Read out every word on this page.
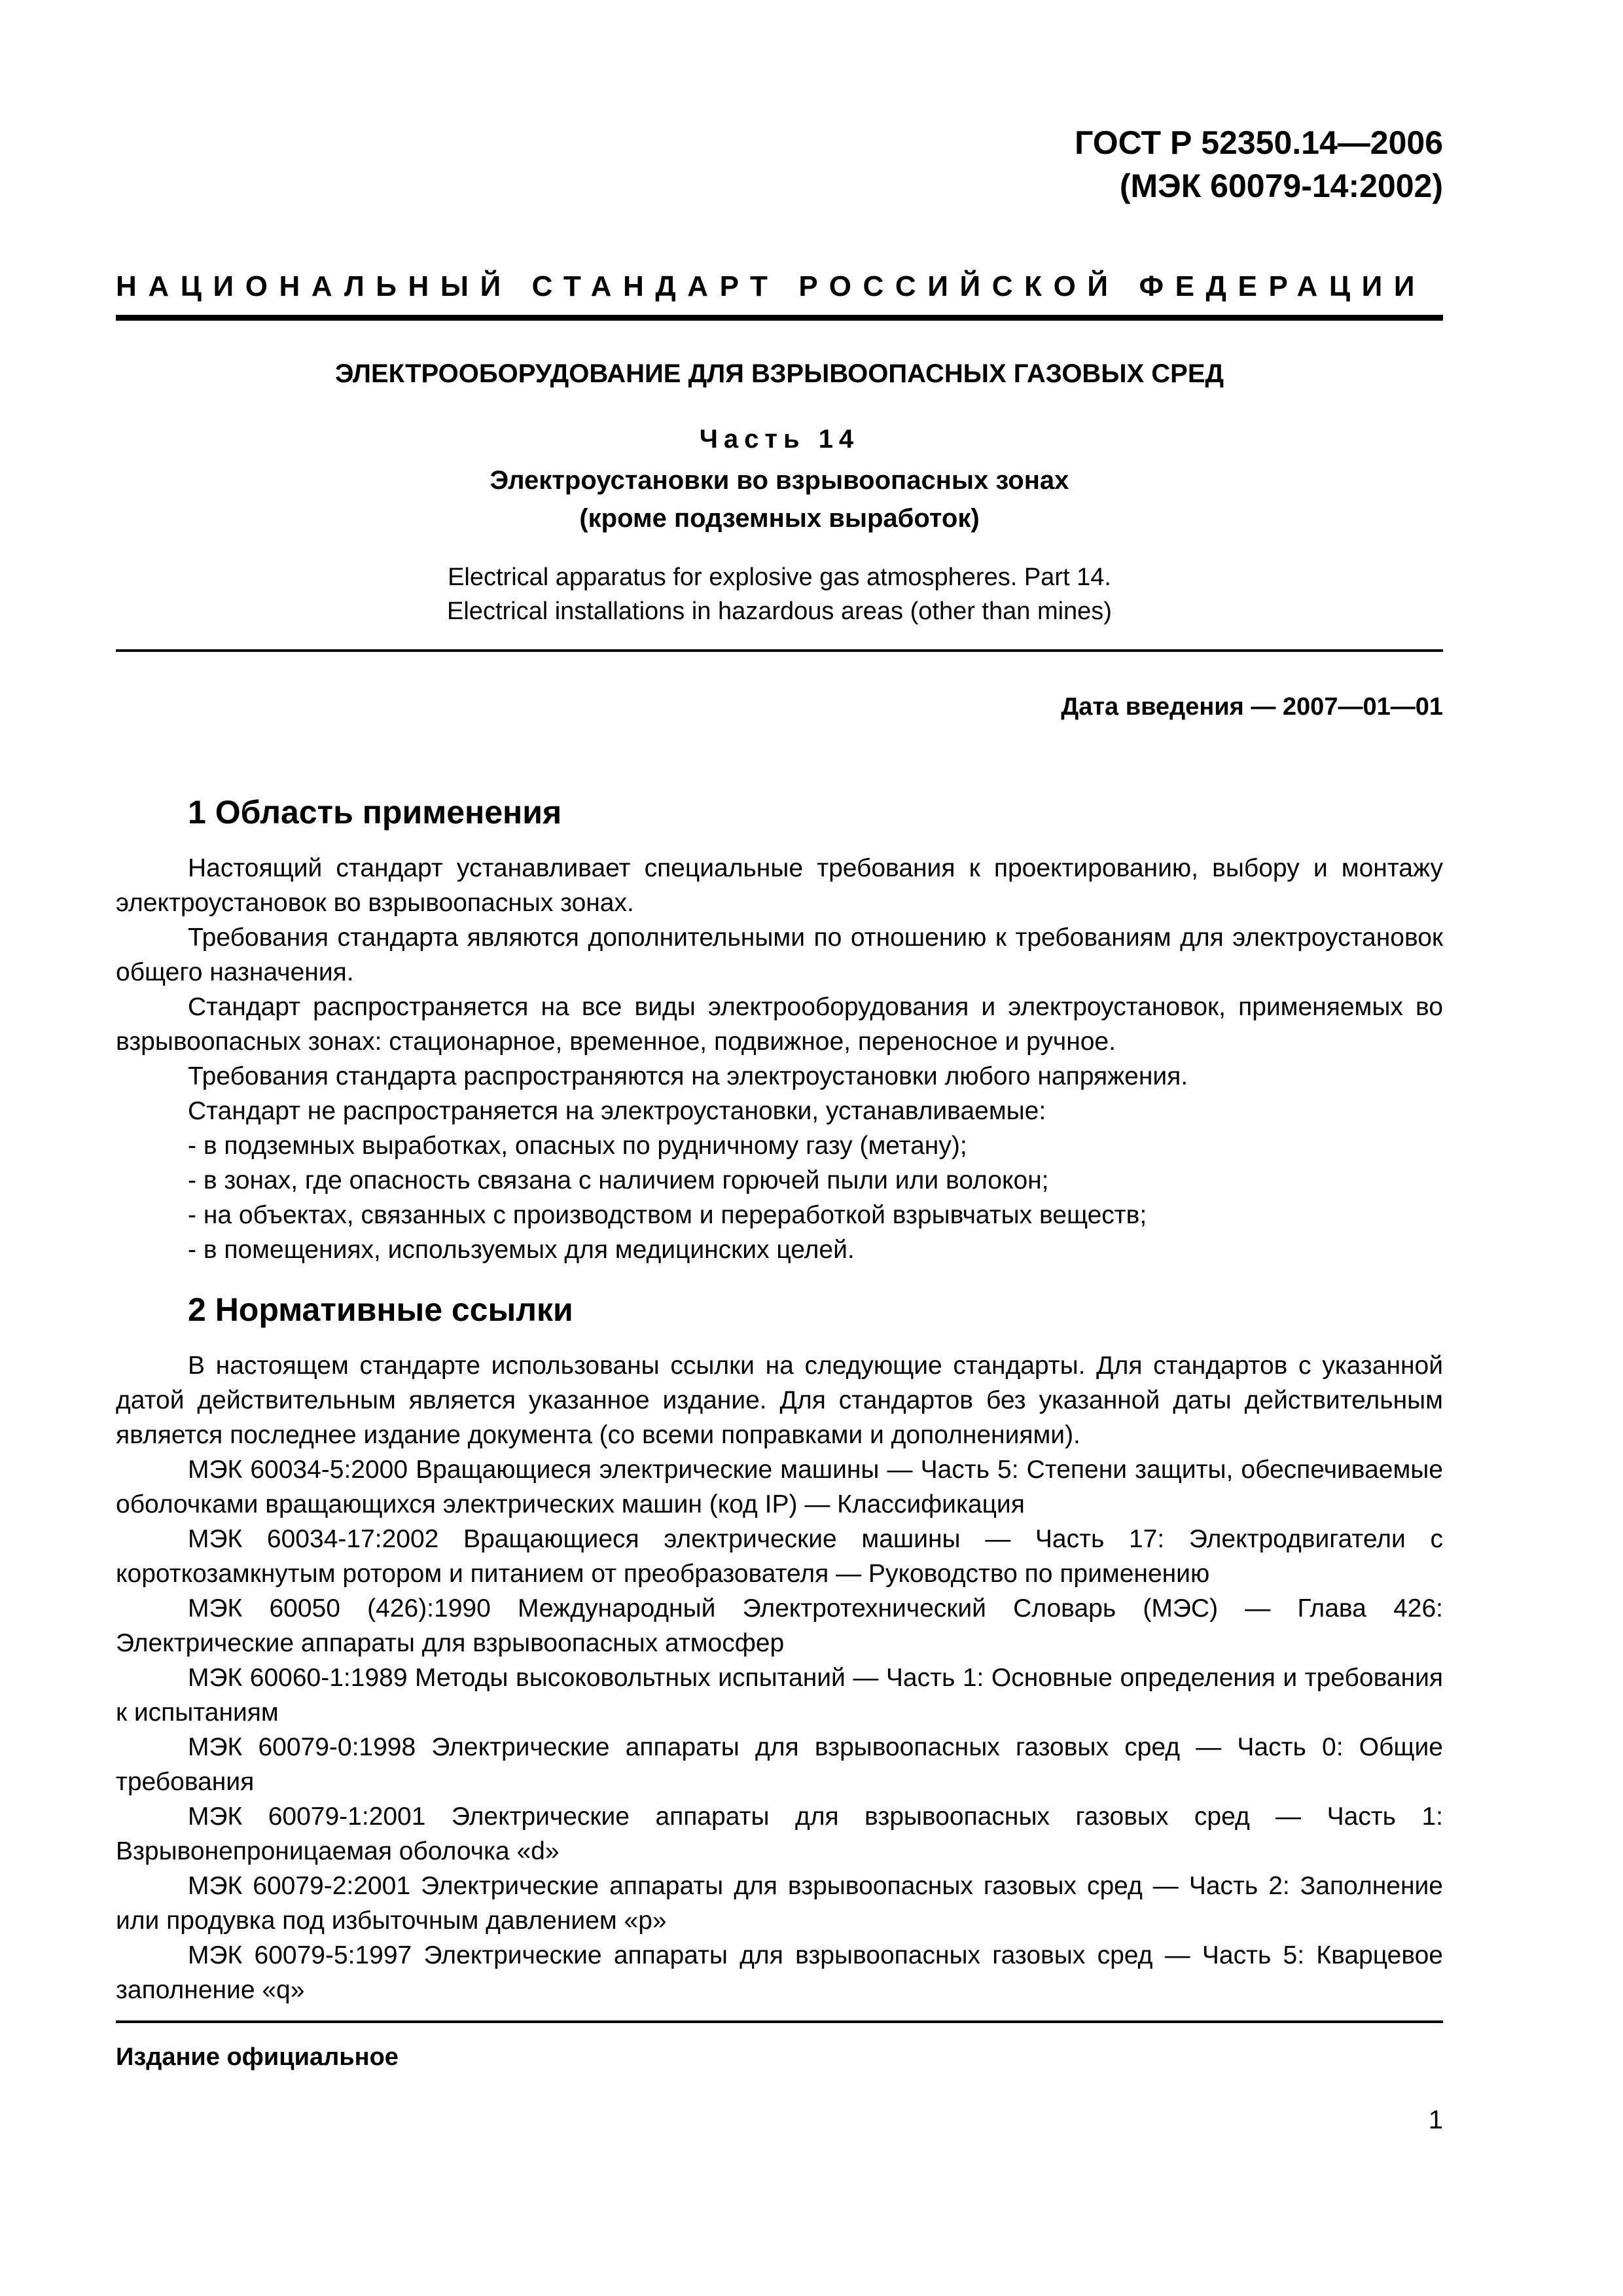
ГОСТ Р 52350.14—2006
(МЭК 60079-14:2002)
НАЦИОНАЛЬНЫЙ СТАНДАРТ РОССИЙСКОЙ ФЕДЕРАЦИИ
ЭЛЕКТРООБОРУДОВАНИЕ ДЛЯ ВЗРЫВООПАСНЫХ ГАЗОВЫХ СРЕД
Часть 14
Электроустановки во взрывоопасных зонах
(кроме подземных выработок)
Electrical apparatus for explosive gas atmospheres. Part 14.
Electrical installations in hazardous areas (other than mines)
Дата введения — 2007—01—01
1 Область применения

Настоящий стандарт устанавливает специальные требования к проектированию, выбору и монтажу электроустановок во взрывоопасных зонах.

Требования стандарта являются дополнительными по отношению к требованиям для электроустановок общего назначения.

Стандарт распространяется на все виды электрооборудования и электроустановок, применяемых во взрывоопасных зонах: стационарное, временное, подвижное, переносное и ручное.

Требования стандарта распространяются на электроустановки любого напряжения.

Стандарт не распространяется на электроустановки, устанавливаемые:

- в подземных выработках, опасных по рудничному газу (метану);

- в зонах, где опасность связана с наличием горючей пыли или волокон;

- на объектах, связанных с производством и переработкой взрывчатых веществ;

- в помещениях, используемых для медицинских целей.

2 Нормативные ссылки

В настоящем стандарте использованы ссылки на следующие стандарты. Для стандартов с указанной датой действительным является указанное издание. Для стандартов без указанной даты действительным является последнее издание документа (со всеми поправками и дополнениями).

МЭК 60034-5:2000 Вращающиеся электрические машины — Часть 5: Степени защиты, обеспечиваемые оболочками вращающихся электрических машин (код IP) — Классификация

МЭК 60034-17:2002 Вращающиеся электрические машины — Часть 17: Электродвигатели с короткозамкнутым ротором и питанием от преобразователя — Руководство по применению

МЭК 60050 (426):1990 Международный Электротехнический Словарь (МЭС) — Глава 426: Электрические аппараты для взрывоопасных атмосфер

МЭК 60060-1:1989 Методы высоковольтных испытаний — Часть 1: Основные определения и требования к испытаниям

МЭК 60079-0:1998 Электрические аппараты для взрывоопасных газовых сред — Часть 0: Общие требования

МЭК 60079-1:2001 Электрические аппараты для взрывоопасных газовых сред — Часть 1: Взрывонепроницаемая оболочка «d»

МЭК 60079-2:2001 Электрические аппараты для взрывоопасных газовых сред — Часть 2: Заполнение или продувка под избыточным давлением «p»

МЭК 60079-5:1997 Электрические аппараты для взрывоопасных газовых сред — Часть 5: Кварцевое заполнение «q»

Издание официальное
1
